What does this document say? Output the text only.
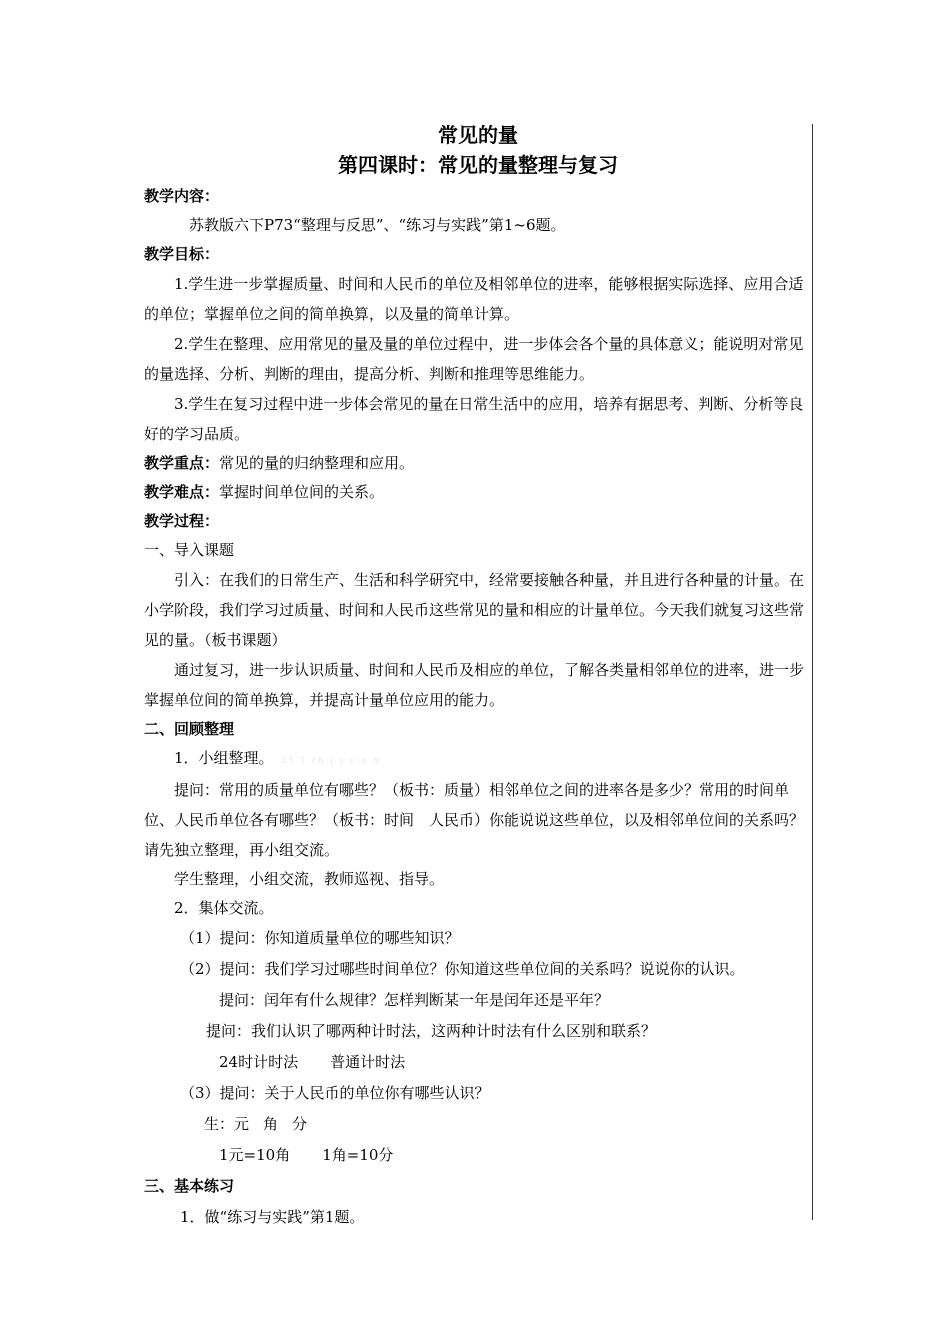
常见的量
第四课时：常见的量整理与复习
教学内容：

苏教版六下P73“整理与反思”、“练习与实践”第1~6题。

教学目标：

1.学生进一步掌握质量、时间和人民币的单位及相邻单位的进率，能够根据实际选择、应用合适的单位；掌握单位之间的简单换算，以及量的简单计算。

2.学生在整理、应用常见的量及量的单位过程中，进一步体会各个量的具体意义；能说明对常见的量选择、分析、判断的理由，提高分析、判断和推理等思维能力。

3.学生在复习过程中进一步体会常见的量在日常生活中的应用，培养有据思考、判断、分析等良好的学习品质。

教学重点：常见的量的归纳整理和应用。
教学难点：掌握时间单位间的关系。
教学过程：
一、导入课题

引入：在我们的日常生产、生活和科学研究中，经常要接触各种量，并且进行各种量的计量。在小学阶段，我们学习过质量、时间和人民币这些常见的量和相应的计量单位。今天我们就复习这些常见的量。（板书课题）

通过复习，进一步认识质量、时间和人民币及相应的单位，了解各类量相邻单位的进率，进一步掌握单位间的简单换算，并提高计量单位应用的能力。

二、回顾整理
1．小组整理。 21·1·cn·j·y·c·o·m

提问：常用的质量单位有哪些？（板书：质量）相邻单位之间的进率各是多少？常用的时间单位、人民币单位各有哪些？（板书：时间　人民币）你能说说这些单位，以及相邻单位间的关系吗？请先独立整理，再小组交流。

学生整理，小组交流，教师巡视、指导。

2．集体交流。
（1）提问：你知道质量单位的哪些知识？
（2）提问：我们学习过哪些时间单位？你知道这些单位间的关系吗？说说你的认识。
提问：闰年有什么规律？怎样判断某一年是闰年还是平年？
提问：我们认识了哪两种计时法，这两种计时法有什么区别和联系？
24时计时法 普通计时法
（3）提问：关于人民币的单位你有哪些认识？
生：元 角 分
1元=10角 1角=10分
三、基本练习
1．做“练习与实践”第1题。
